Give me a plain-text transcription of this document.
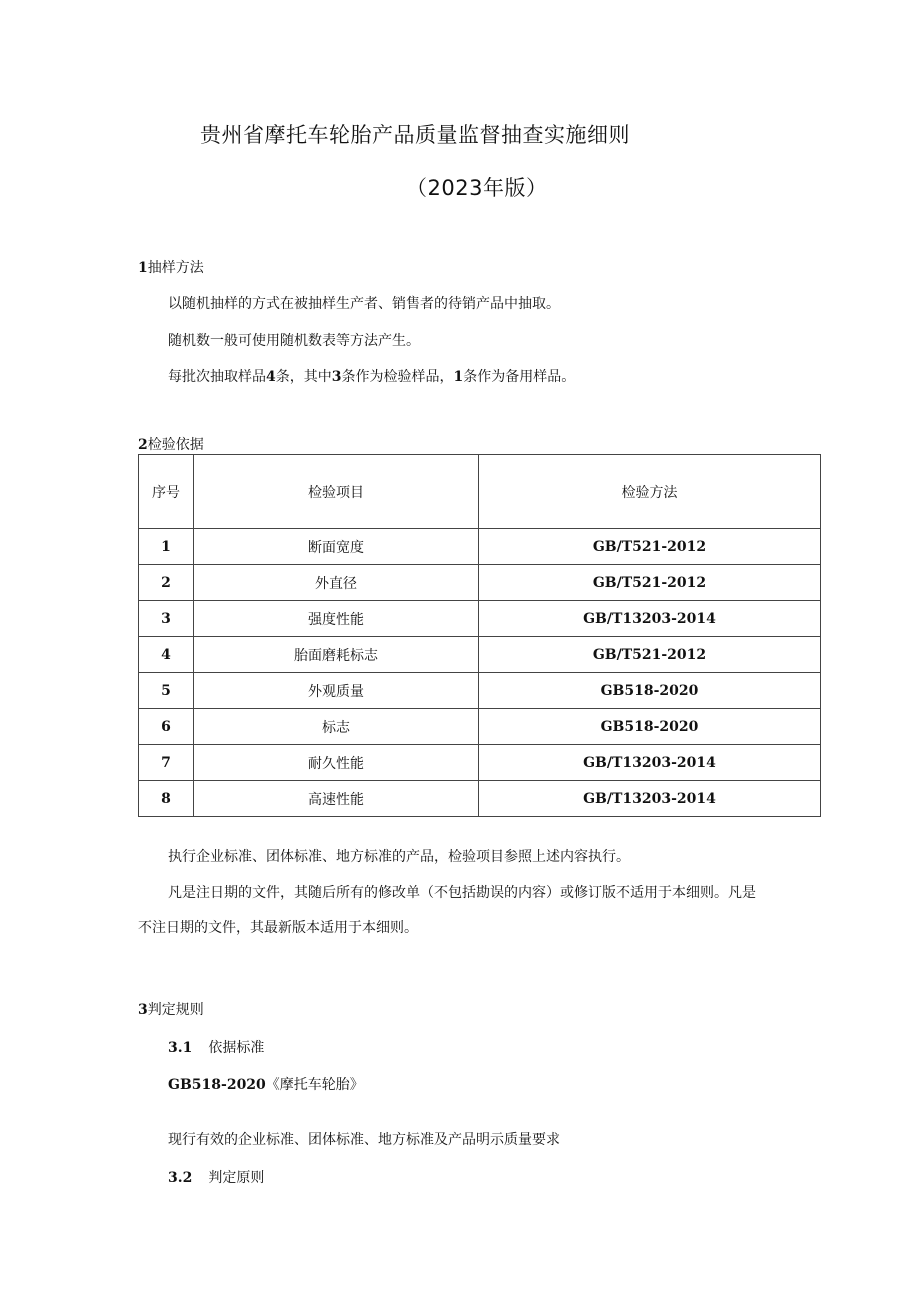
贵州省摩托车轮胎产品质量监督抽查实施细则
（2023年版）
1抽样方法
以随机抽样的方式在被抽样生产者、销售者的待销产品中抽取。
随机数一般可使用随机数表等方法产生。
每批次抽取样品4条，其中3条作为检验样品，1条作为备用样品。
2检验依据
序号	检验项目	检验方法
1	断面宽度	GB/T521-2012
2	外直径	GB/T521-2012
3	强度性能	GB/T13203-2014
4	胎面磨耗标志	GB/T521-2012
5	外观质量	GB518-2020
6	标志	GB518-2020
7	耐久性能	GB/T13203-2014
8	高速性能	GB/T13203-2014
执行企业标准、团体标准、地方标准的产品，检验项目参照上述内容执行。
凡是注日期的文件，其随后所有的修改单（不包括勘误的内容）或修订版不适用于本细则。凡是
不注日期的文件，其最新版本适用于本细则。
3判定规则
3.1 依据标准
GB518-2020《摩托车轮胎》
现行有效的企业标准、团体标准、地方标准及产品明示质量要求
3.2 判定原则
